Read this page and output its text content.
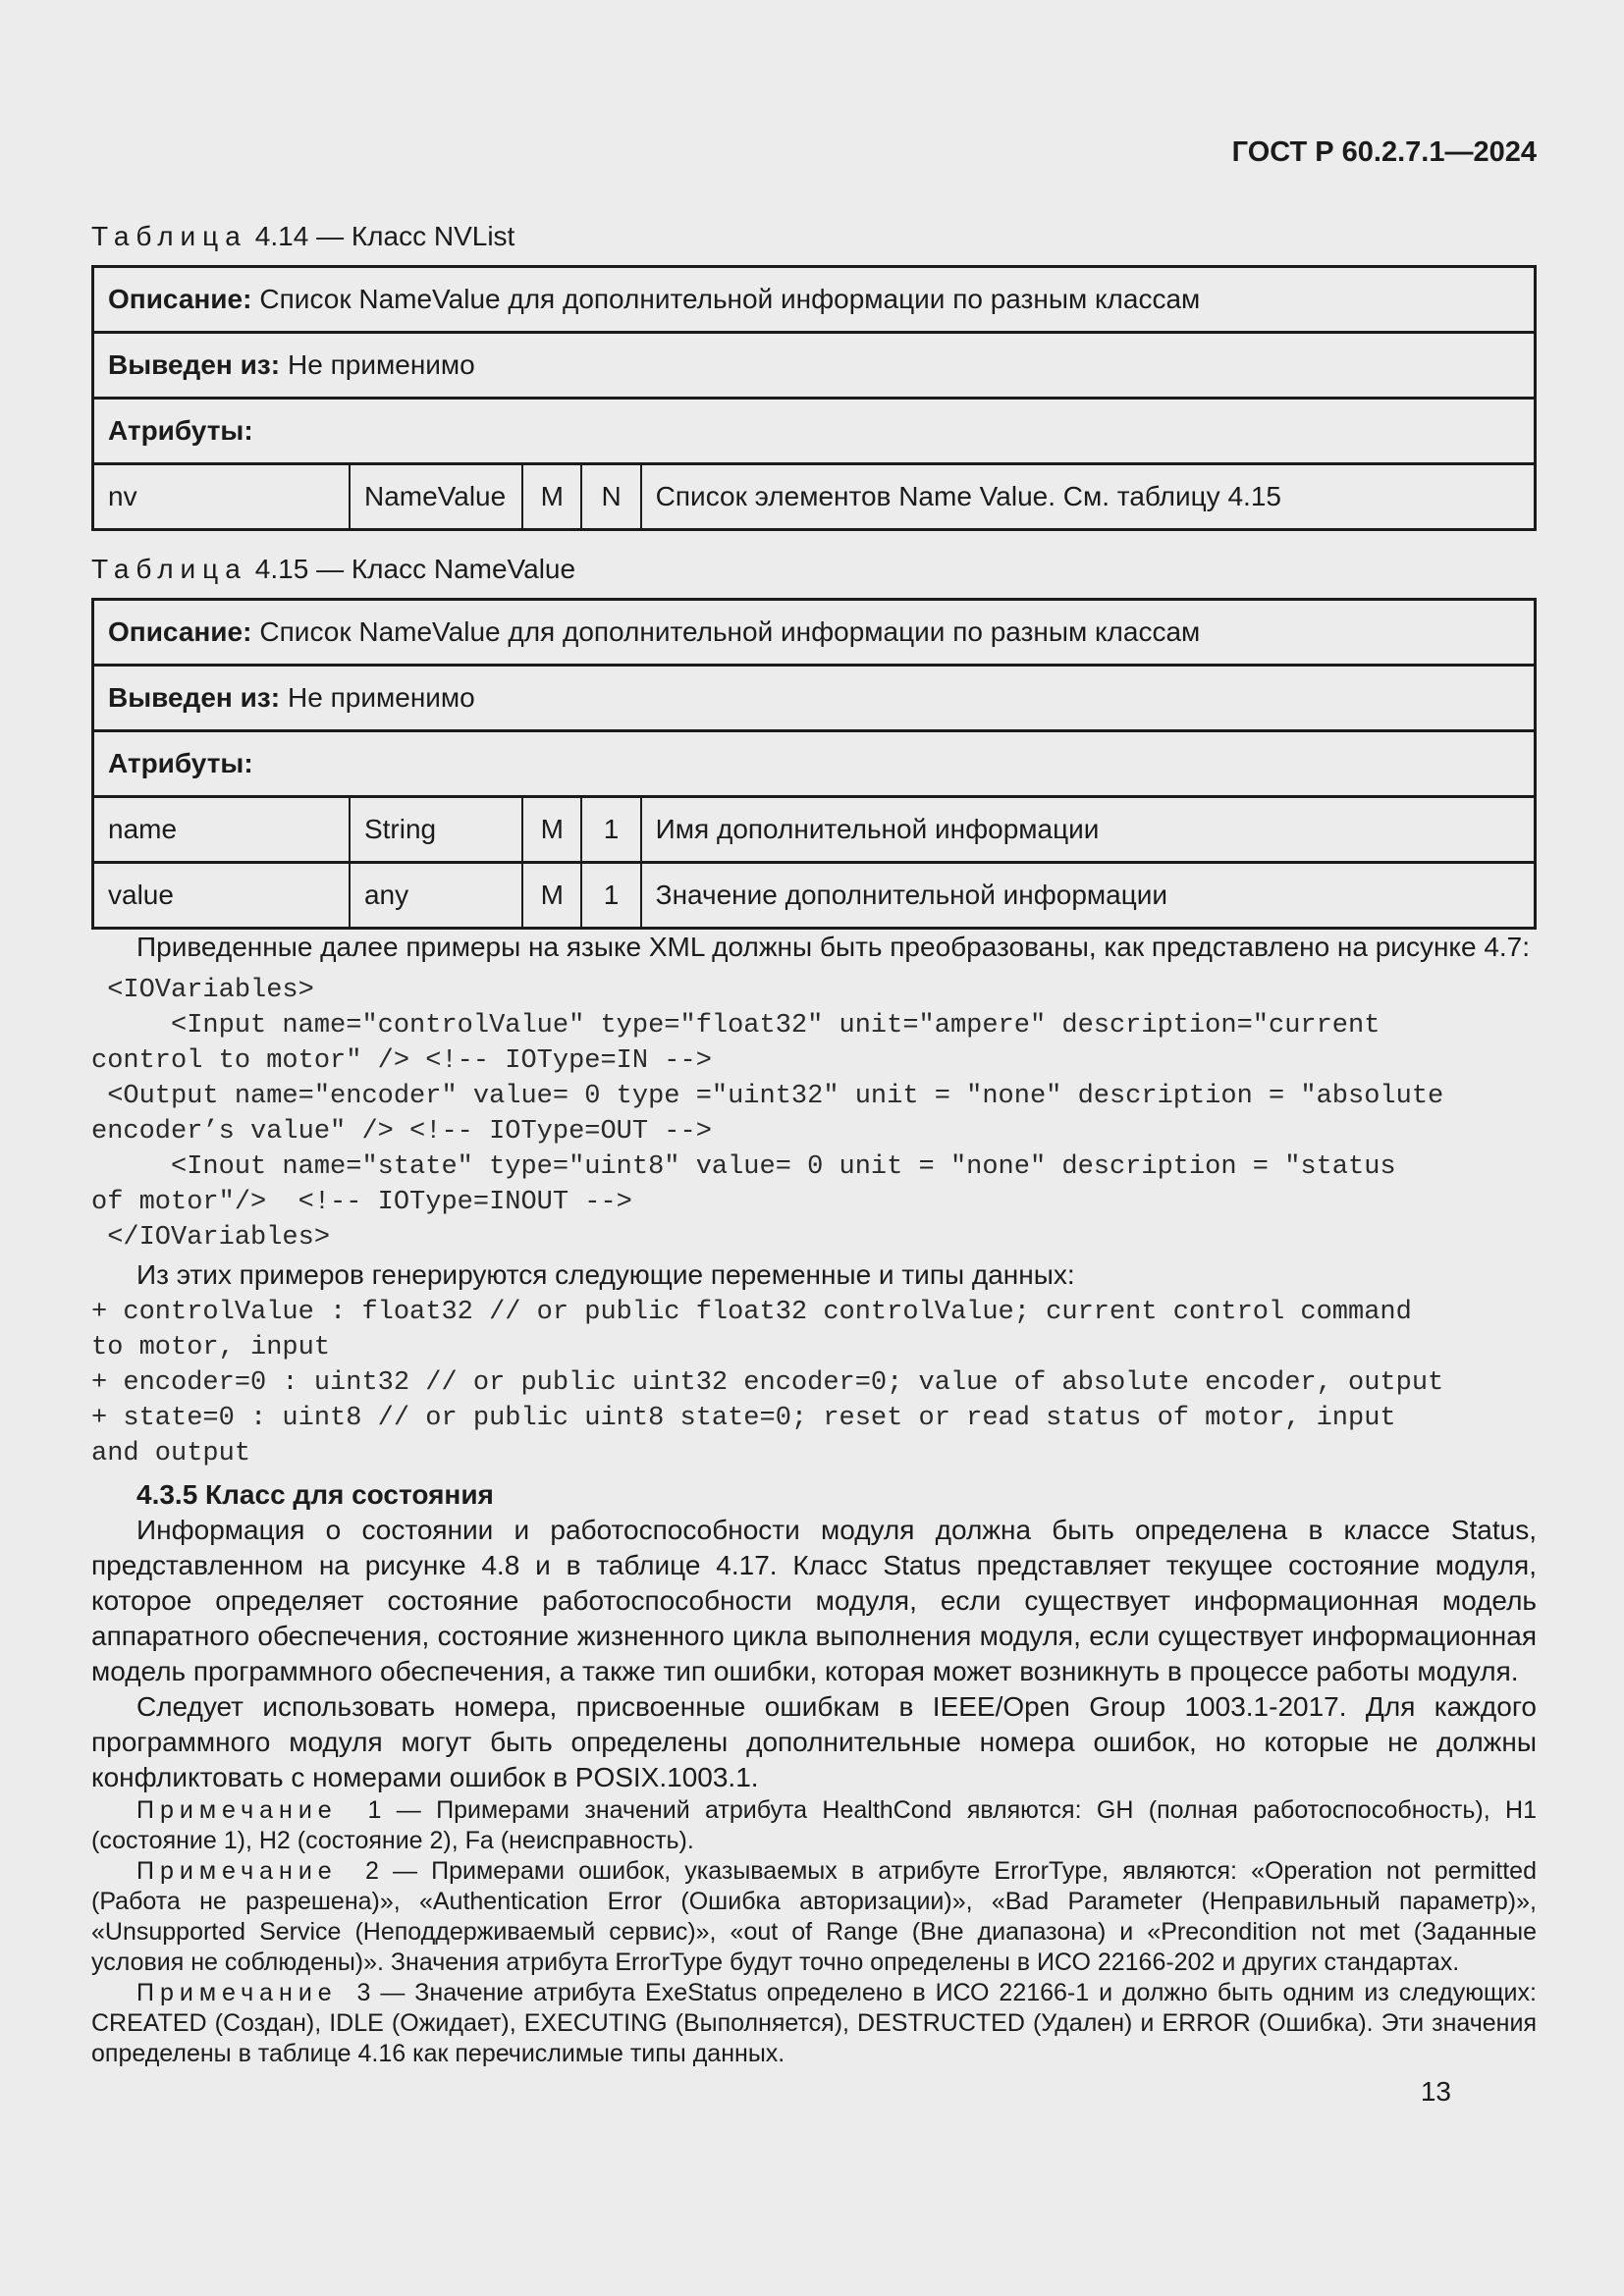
ГОСТ Р 60.2.7.1—2024

Таблица 4.14 — Класс NVList

Описание: Список NameValue для дополнительной информации по разным классам
Выведен из: Не применимо
Атрибуты:
nv	NameValue	M	N	Список элементов Name Value. См. таблицу 4.15

Таблица 4.15 — Класс NameValue

Описание: Список NameValue для дополнительной информации по разным классам				
Выведен из: Не применимо				
Атрибуты:				
name	String	M	1	Имя дополнительной информации
value	any	M	1	Значение дополнительной информации

Приведенные далее примеры на языке XML должны быть преобразованы, как представлено на рисунке 4.7:

<IOVariables>
<Input name="controlValue" type="float32" unit="ampere" description="current
control to motor" /> <!-- IOType=IN -->
<Output name="encoder" value= 0 type ="uint32" unit = "none" description = "absolute
encoder’s value" /> <!-- IOType=OUT -->
<Inout name="state" type="uint8" value= 0 unit = "none" description = "status
of motor"/>  <!-- IOType=INOUT -->
</IOVariables>

Из этих примеров генерируются следующие переменные и типы данных:

+ controlValue : float32 // or public float32 controlValue; current control command
to motor, input
+ encoder=0 : uint32 // or public uint32 encoder=0; value of absolute encoder, output
+ state=0 : uint8 // or public uint8 state=0; reset or read status of motor, input
and output

4.3.5 Класс для состояния

Информация о состоянии и работоспособности модуля должна быть определена в классе Status, представленном на рисунке 4.8 и в таблице 4.17. Класс Status представляет текущее состояние модуля, которое определяет состояние работоспособности модуля, если существует информационная модель аппаратного обеспечения, состояние жизненного цикла выполнения модуля, если существует информационная модель программного обеспечения, а также тип ошибки, которая может возникнуть в процессе работы модуля.

Следует использовать номера, присвоенные ошибкам в IEEE/Open Group 1003.1-2017. Для каждого программного модуля могут быть определены дополнительные номера ошибок, но которые не должны конфликтовать с номерами ошибок в POSIX.1003.1.

Примечание 1 — Примерами значений атрибута HealthCond являются: GH (полная работоспособность), H1 (состояние 1), H2 (состояние 2), Fa (неисправность).

Примечание 2 — Примерами ошибок, указываемых в атрибуте ErrorType, являются: «Operation not permitted (Работа не разрешена)», «Authentication Error (Ошибка авторизации)», «Bad Parameter (Неправильный параметр)», «Unsupported Service (Неподдерживаемый сервис)», «out of Range (Вне диапазона) и «Precondition not met (Заданные условия не соблюдены)». Значения атрибута ErrorType будут точно определены в ИСО 22166-202 и других стандартах.

Примечание 3 — Значение атрибута ExeStatus определено в ИСО 22166-1 и должно быть одним из следующих: CREATED (Создан), IDLE (Ожидает), EXECUTING (Выполняется), DESTRUCTED (Удален) и ERROR (Ошибка). Эти значения определены в таблице 4.16 как перечислимые типы данных.

13
